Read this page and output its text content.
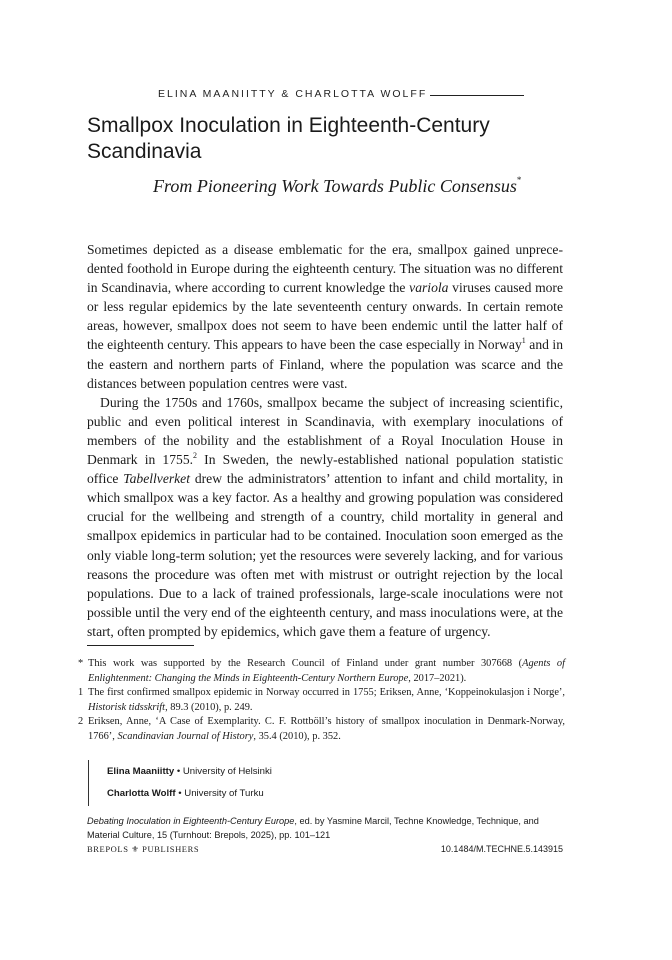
ELINA MAANIITTY & CHARLOTTA WOLFF
Smallpox Inoculation in Eighteenth-Century Scandinavia
From Pioneering Work Towards Public Consensus*

Sometimes depicted as a disease emblematic for the era, smallpox gained unprece-dented foothold in Europe during the eighteenth century. The situation was no different in Scandinavia, where according to current knowledge the variola viruses caused more or less regular epidemics by the late seventeenth century onwards. In certain remote areas, however, smallpox does not seem to have been endemic until the latter half of the eighteenth century. This appears to have been the case especially in Norway$^1$ and in the eastern and northern parts of Finland, where the population was scarce and the distances between population centres were vast.

During the 1750s and 1760s, smallpox became the subject of increasing scientific, public and even political interest in Scandinavia, with exemplary inoculations of members of the nobility and the establishment of a Royal Inoculation House in Denmark in 1755.$^2$ In Sweden, the newly-established national population statistic office Tabellverket drew the administrators’ attention to infant and child mortality, in which smallpox was a key factor. As a healthy and growing population was considered crucial for the wellbeing and strength of a country, child mortality in general and smallpox epidemics in particular had to be contained. Inoculation soon emerged as the only viable long-term solution; yet the resources were severely lacking, and for various reasons the procedure was often met with mistrust or outright rejection by the local populations. Due to a lack of trained professionals, large-scale inoculations were not possible until the very end of the eighteenth century, and mass inoculations were, at the start, often prompted by epidemics, which gave them a feature of urgency.

* This work was supported by the Research Council of Finland under grant number 307668 (Agents of Enlightenment: Changing the Minds in Eighteenth-Century Northern Europe, 2017–2021).
1 The first confirmed smallpox epidemic in Norway occurred in 1755; Eriksen, Anne, ‘Koppeinokulasjon i Norge’, Historisk tidsskrift, 89.3 (2010), p. 249.
2 Eriksen, Anne, ‘A Case of Exemplarity. C. F. Rottböll’s history of smallpox inoculation in Denmark-Norway, 1766’, Scandinavian Journal of History, 35.4 (2010), p. 352.
Elina Maaniitty • University of Helsinki
Charlotta Wolff • University of Turku
Debating Inoculation in Eighteenth-Century Europe, ed. by Yasmine Marcil, Techne Knowledge, Technique, and Material Culture, 15 (Turnhout: Brepols, 2025), pp. 101–121
BREPOLS ⚜ PUBLISHERS	10.1484/M.TECHNE.5.143915
